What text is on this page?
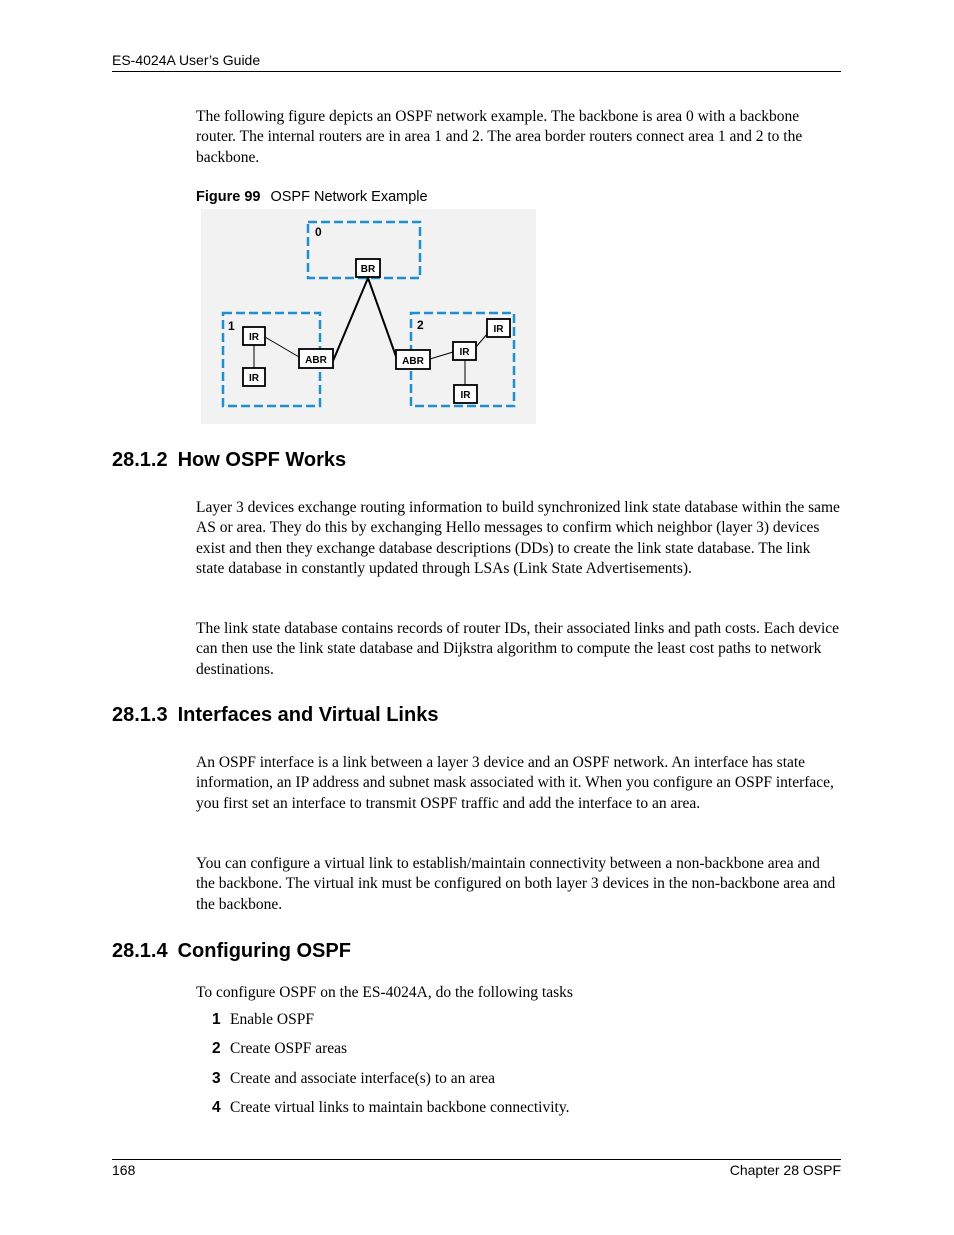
ES-4024A User’s Guide
The following figure depicts an OSPF network example. The backbone is area 0 with a backbone router. The internal routers are in area 1 and 2. The area border routers connect area 1 and 2 to the backbone.
Figure 99 OSPF Network Example
0
1	2
BR
IR
IR
ABR	ABR
IR
IR
IR
28.1.2 How OSPF Works
Layer 3 devices exchange routing information to build synchronized link state database within the same AS or area. They do this by exchanging Hello messages to confirm which neighbor (layer 3) devices exist and then they exchange database descriptions (DDs) to create the link state database. The link state database in constantly updated through LSAs (Link State Advertisements).
The link state database contains records of router IDs, their associated links and path costs. Each device can then use the link state database and Dijkstra algorithm to compute the least cost paths to network destinations.
28.1.3 Interfaces and Virtual Links
An OSPF interface is a link between a layer 3 device and an OSPF network. An interface has state information, an IP address and subnet mask associated with it. When you configure an OSPF interface, you first set an interface to transmit OSPF traffic and add the interface to an area.
You can configure a virtual link to establish/maintain connectivity between a non-backbone area and the backbone. The virtual ink must be configured on both layer 3 devices in the non-backbone area and the backbone.
28.1.4 Configuring OSPF
To configure OSPF on the ES-4024A, do the following tasks
1 Enable OSPF
2 Create OSPF areas
3 Create and associate interface(s) to an area
4 Create virtual links to maintain backbone connectivity.
168	Chapter 28 OSPF
